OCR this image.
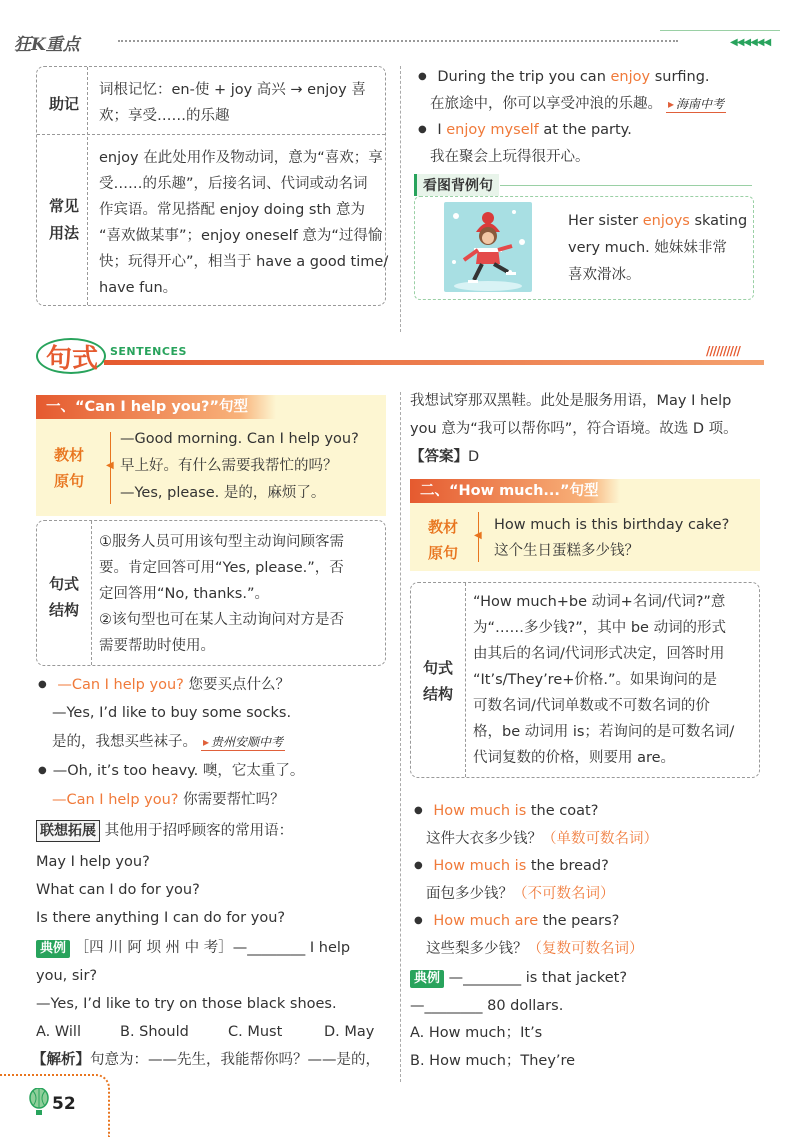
狂K重点	◀◀◀◀◀◀
助记
词根记忆：en-使 + joy 高兴 → enjoy 喜
欢；享受……的乐趣
常见
用法
enjoy 在此处用作及物动词，意为“喜欢；享
受……的乐趣”，后接名词、代词或动名词
作宾语。常见搭配 enjoy doing sth 意为
“喜欢做某事”；enjoy oneself 意为“过得愉
快；玩得开心”，相当于 have a good time/
have fun。
● During the trip you can enjoy surfing.
在旅途中，你可以享受冲浪的乐趣。 ▸ 海南中考
● I enjoy myself at the party.
我在聚会上玩得很开心。
看图背例句
Her sister enjoys skating
very much. 她妹妹非常
喜欢滑冰。
句式 SENTENCES	//////////
一、“Can I help you?”句型
教材
原句
◀
—Good morning. Can I help you?
早上好。有什么需要我帮忙的吗？
—Yes, please. 是的，麻烦了。
句式
结构
①服务人员可用该句型主动询问顾客需
要。肯定回答可用“Yes, please.”，否
定回答用“No, thanks.”。
②该句型也可在某人主动询问对方是否
需要帮助时使用。
● —Can I help you? 您要买点什么？
—Yes, I’d like to buy some socks.
是的，我想买些袜子。 ▸ 贵州安顺中考
● —Oh, it’s too heavy. 噢，它太重了。
—Can I help you? 你需要帮忙吗？
联想拓展 其他用于招呼顾客的常用语：
May I help you?
What can I do for you?
Is there anything I can do for you?
典例 ［四 川 阿 坝 州 中 考］—________ I help
you, sir?
—Yes, I’d like to try on those black shoes.
A. Will	B. Should	C. Must	D. May
【解析】句意为：——先生，我能帮你吗？——是的，
我想试穿那双黑鞋。此处是服务用语，May I help
you 意为“我可以帮你吗”，符合语境。故选 D 项。
【答案】D
二、“How much...”句型
教材
原句
◀
How much is this birthday cake?
这个生日蛋糕多少钱？
句式
结构
“How much+be 动词+名词/代词?”意
为“……多少钱?”，其中 be 动词的形式
由其后的名词/代词形式决定，回答时用
“It’s/They’re+价格.”。如果询问的是
可数名词/代词单数或不可数名词的价
格，be 动词用 is；若询问的是可数名词/
代词复数的价格，则要用 are。
● How much is the coat?
这件大衣多少钱？（单数可数名词）
● How much is the bread?
面包多少钱？（不可数名词）
● How much are the pears?
这些梨多少钱？（复数可数名词）
典例 —________ is that jacket?
—________ 80 dollars.
A. How much；It’s
B. How much；They’re
52
